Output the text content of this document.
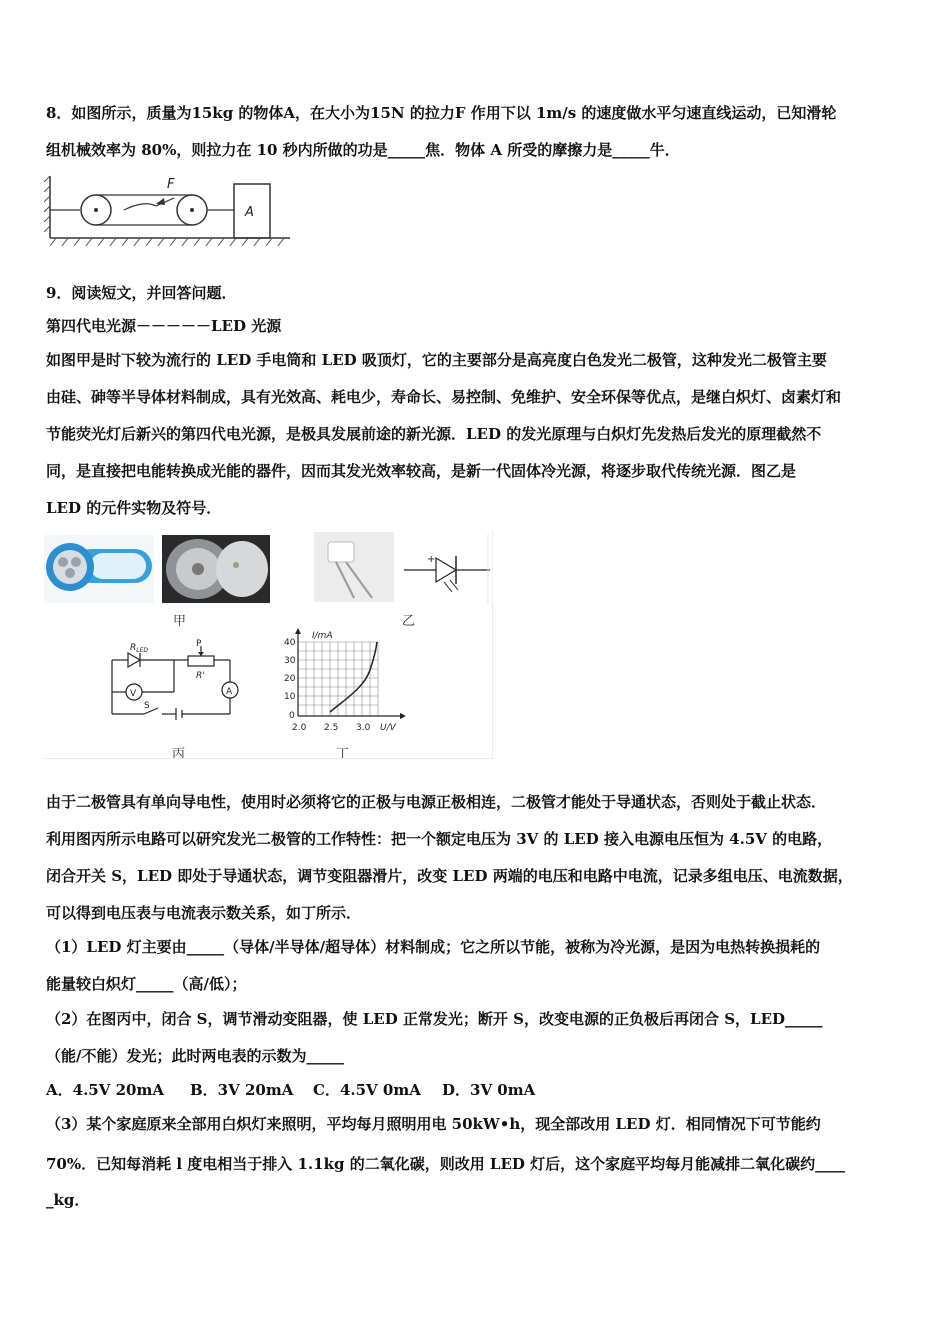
8．如图所示，质量为15kg 的物体A，在大小为15N 的拉力F 作用下以 1m/s 的速度做水平匀速直线运动，已知滑轮
组机械效率为 80%，则拉力在 10 秒内所做的功是_____焦．物体 A 所受的摩擦力是_____牛．
F
A
9．阅读短文，并回答问题．
第四代电光源－－－－－LED 光源
如图甲是时下较为流行的 LED 手电筒和 LED 吸顶灯，它的主要部分是高亮度白色发光二极管，这种发光二极管主要
由硅、砷等半导体材料制成，具有光效高、耗电少，寿命长、易控制、免维护、安全环保等优点，是继白炽灯、卤素灯和
节能荧光灯后新兴的第四代电光源，是极具发展前途的新光源．LED 的发光原理与白炽灯先发热后发光的原理截然不
同，是直接把电能转换成光能的器件，因而其发光效率较高，是新一代固体冷光源，将逐步取代传统光源．图乙是
LED 的元件实物及符号．
甲
+
乙
$R_{LED}$
P
R'
V	A
S
丙
I/mA
40
30
20
10
0
2.0 2.5 3.0 U/V
丁
由于二极管具有单向导电性，使用时必须将它的正极与电源正极相连，二极管才能处于导通状态，否则处于截止状态．
利用图丙所示电路可以研究发光二极管的工作特性：把一个额定电压为 3V 的 LED 接入电源电压恒为 4.5V 的电路，
闭合开关 S，LED 即处于导通状态，调节变阻器滑片，改变 LED 两端的电压和电路中电流，记录多组电压、电流数据，
可以得到电压表与电流表示数关系，如丁所示．
（1）LED 灯主要由_____（导体/半导体/超导体）材料制成；它之所以节能，被称为冷光源，是因为电热转换损耗的
能量较白炽灯_____（高/低）；
（2）在图丙中，闭合 S，调节滑动变阻器，使 LED 正常发光；断开 S，改变电源的正负极后再闭合 S，LED_____
（能/不能）发光；此时两电表的示数为_____
A．4.5V 20mA B．3V 20mA C．4.5V 0mA D．3V 0mA
（3）某个家庭原来全部用白炽灯来照明，平均每月照明用电 50kW•h，现全部改用 LED 灯．相同情况下可节能约
70%．已知每消耗 l 度电相当于排入 1.1kg 的二氧化碳，则改用 LED 灯后，这个家庭平均每月能减排二氧化碳约____
_kg．
